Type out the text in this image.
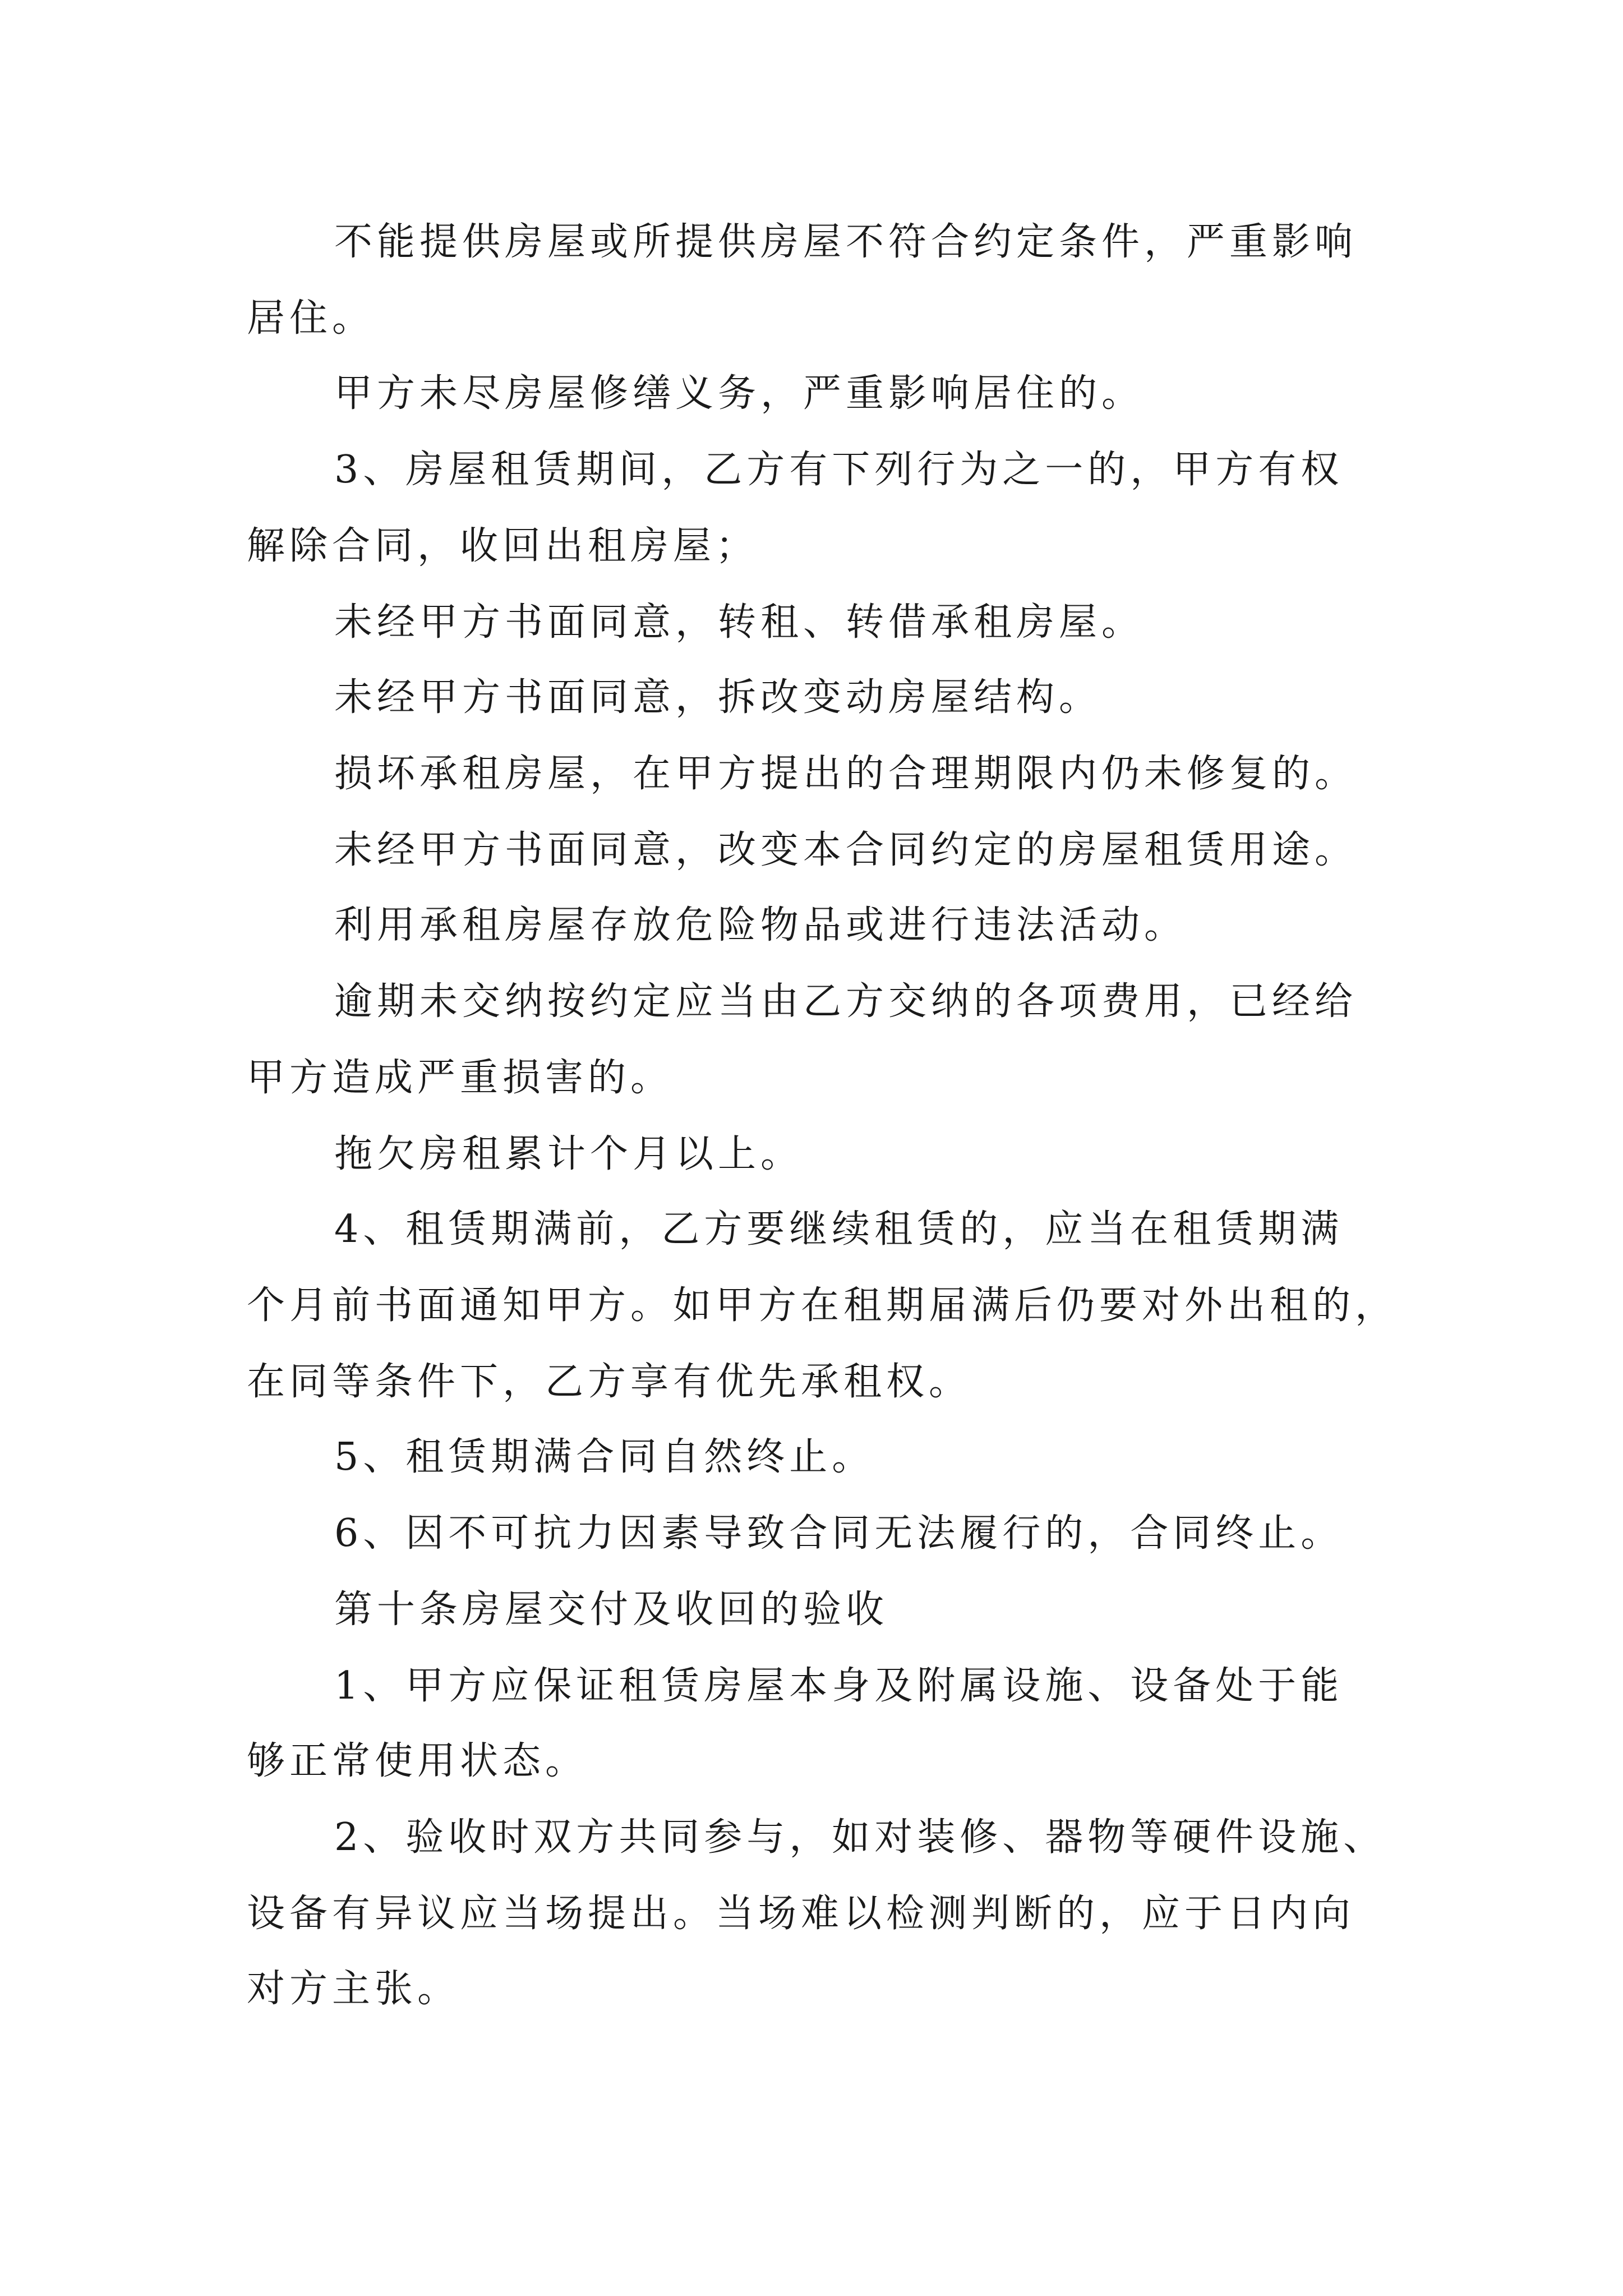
不能提供房屋或所提供房屋不符合约定条件，严重影响
居住。
甲方未尽房屋修缮义务，严重影响居住的。
3、房屋租赁期间，乙方有下列行为之一的，甲方有权
解除合同，收回出租房屋；
未经甲方书面同意，转租、转借承租房屋。
未经甲方书面同意，拆改变动房屋结构。
损坏承租房屋，在甲方提出的合理期限内仍未修复的。
未经甲方书面同意，改变本合同约定的房屋租赁用途。
利用承租房屋存放危险物品或进行违法活动。
逾期未交纳按约定应当由乙方交纳的各项费用，已经给
甲方造成严重损害的。
拖欠房租累计个月以上。
4、租赁期满前，乙方要继续租赁的，应当在租赁期满
个月前书面通知甲方。如甲方在租期届满后仍要对外出租的，
在同等条件下，乙方享有优先承租权。
5、租赁期满合同自然终止。
6、因不可抗力因素导致合同无法履行的，合同终止。
第十条房屋交付及收回的验收
1、甲方应保证租赁房屋本身及附属设施、设备处于能
够正常使用状态。
2、验收时双方共同参与，如对装修、器物等硬件设施、
设备有异议应当场提出。当场难以检测判断的，应于日内向
对方主张。
